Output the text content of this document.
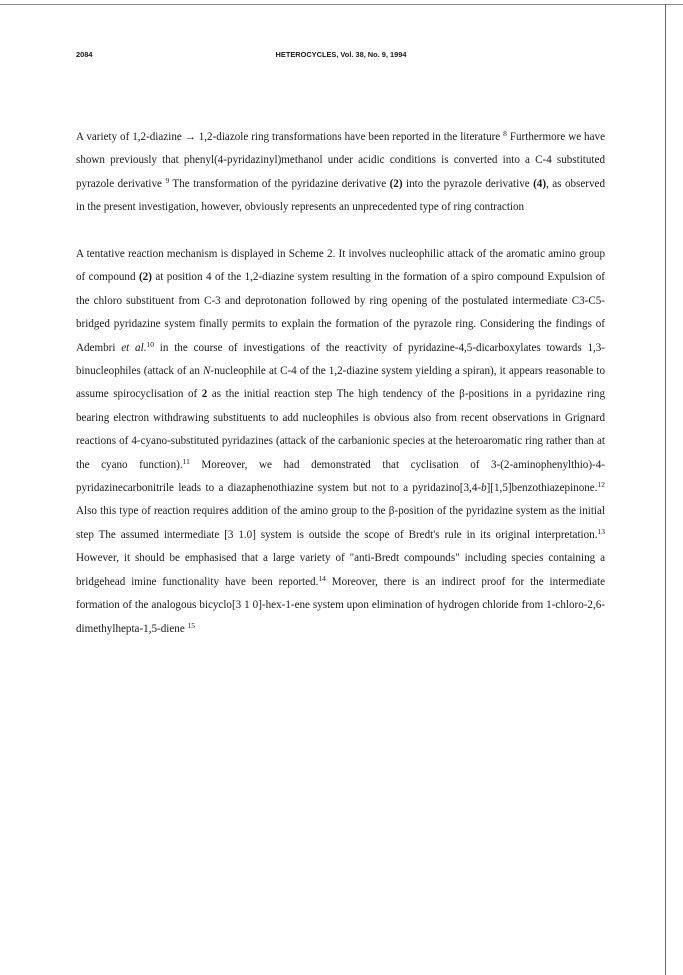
2084	HETEROCYCLES, Vol. 38, No. 9, 1994

A variety of 1,2-diazine → 1,2-diazole ring transformations have been reported in the literature $^8$ Furthermore we have shown previously that phenyl(4-pyridazinyl)methanol under acidic conditions is converted into a C-4 substituted pyrazole derivative $^9$ The transformation of the pyridazine derivative (2) into the pyrazole derivative (4), as observed in the present investigation, however, obviously represents an unprecedented type of ring contraction

A tentative reaction mechanism is displayed in Scheme 2. It involves nucleophilic attack of the aromatic amino group of compound (2) at position 4 of the 1,2-diazine system resulting in the formation of a spiro compound Expulsion of the chloro substituent from C-3 and deprotonation followed by ring opening of the postulated intermediate C3-C5-bridged pyridazine system finally permits to explain the formation of the pyrazole ring. Considering the findings of Adembri et al.$^{10}$ in the course of investigations of the reactivity of pyridazine-4,5-dicarboxylates towards 1,3-binucleophiles (attack of an N-nucleophile at C-4 of the 1,2-diazine system yielding a spiran), it appears reasonable to assume spirocyclisation of 2 as the initial reaction step The high tendency of the β-positions in a pyridazine ring bearing electron withdrawing substituents to add nucleophiles is obvious also from recent observations in Grignard reactions of 4-cyano-substituted pyridazines (attack of the carbanionic species at the heteroaromatic ring rather than at the cyano function).$^{11}$ Moreover, we had demonstrated that cyclisation of 3-(2-aminophenylthio)-4-pyridazinecarbonitrile leads to a diazaphenothiazine system but not to a pyridazino[3,4-b][1,5]benzothiazepinone.$^{12}$ Also this type of reaction requires addition of the amino group to the β-position of the pyridazine system as the initial step The assumed intermediate [3 1.0] system is outside the scope of Bredt's rule in its original interpretation.$^{13}$ However, it should be emphasised that a large variety of "anti-Bredt compounds" including species containing a bridgehead imine functionality have been reported.$^{14}$ Moreover, there is an indirect proof for the intermediate formation of the analogous bicyclo[3 1 0]-hex-1-ene system upon elimination of hydrogen chloride from 1-chloro-2,6-dimethylhepta-1,5-diene $^{15}$
